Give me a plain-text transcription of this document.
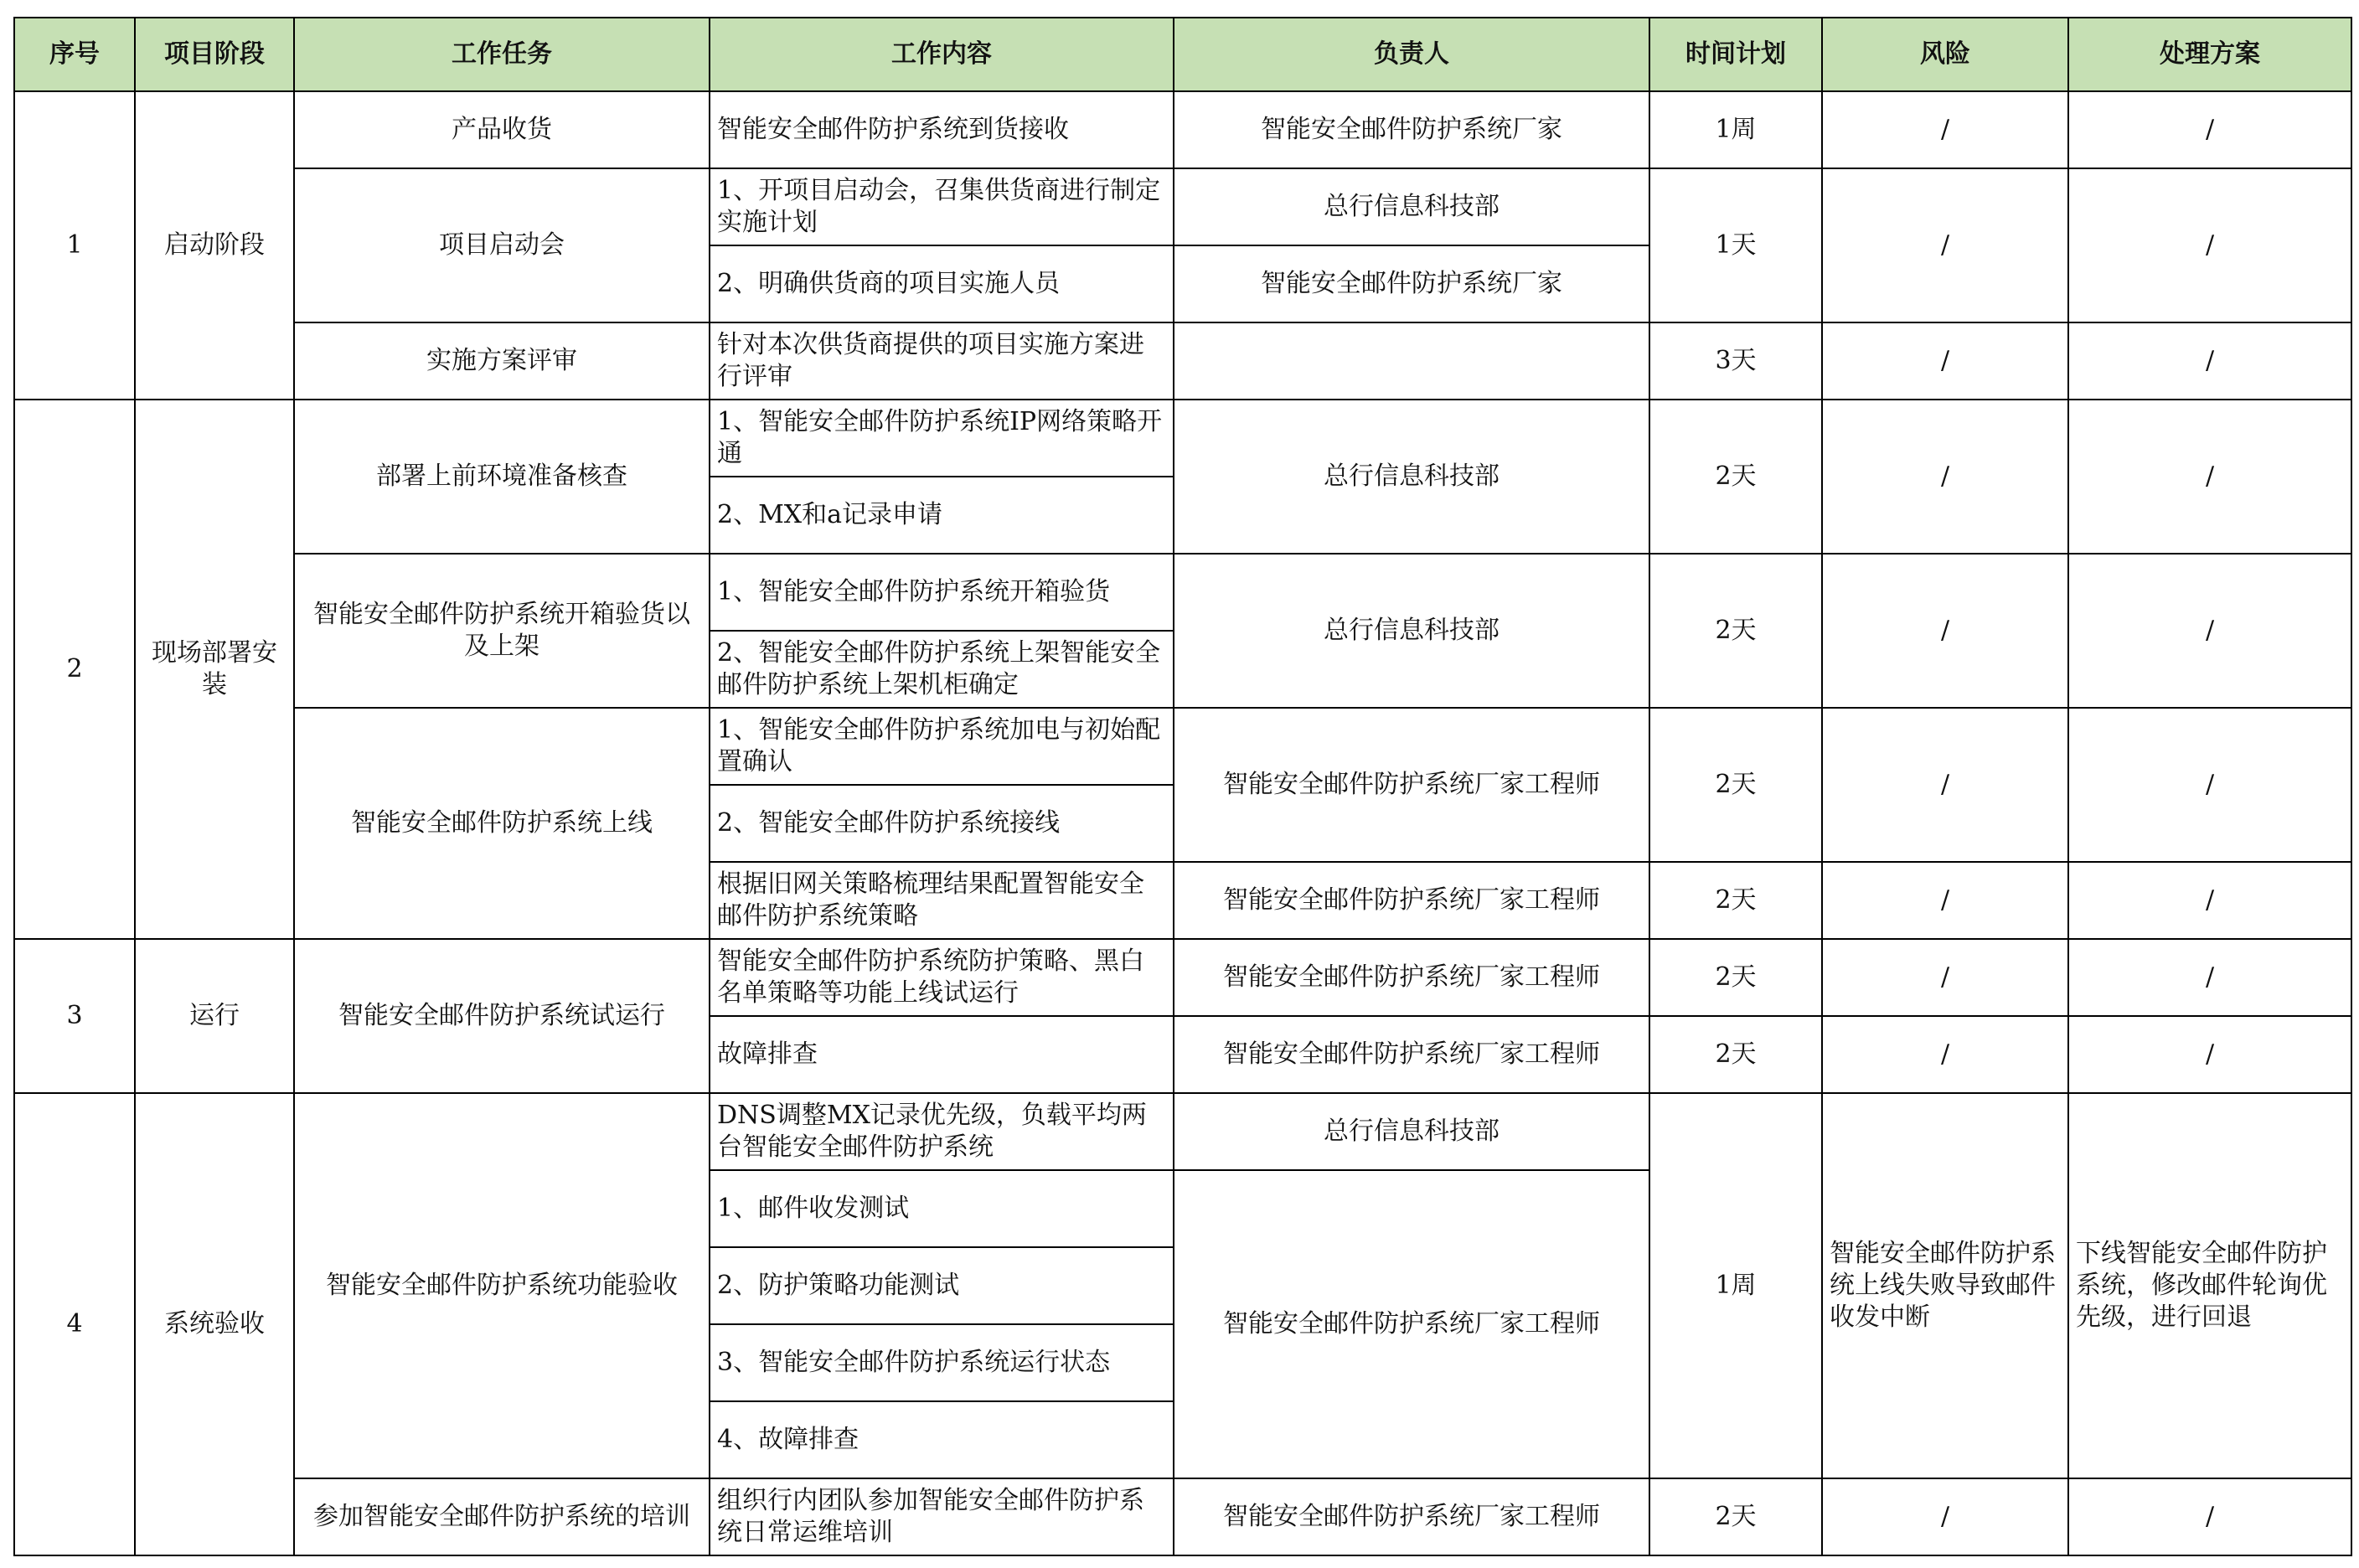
序号	项目阶段	工作任务	工作内容	负责人	时间计划	风险	处理方案
1	启动阶段	产品收货	智能安全邮件防护系统到货接收	智能安全邮件防护系统厂家	1周	/	/
		项目启动会	1、开项目启动会，召集供货商进行制定实施计划	总行信息科技部	1天	/	/
			2、明确供货商的项目实施人员	智能安全邮件防护系统厂家			
		实施方案评审	针对本次供货商提供的项目实施方案进行评审		3天	/	/
2	现场部署安装	部署上前环境准备核查	1、智能安全邮件防护系统IP网络策略开通	总行信息科技部	2天	/	/
			2、MX和a记录申请				
		智能安全邮件防护系统开箱验货以及上架	1、智能安全邮件防护系统开箱验货	总行信息科技部	2天	/	/
			2、智能安全邮件防护系统上架智能安全邮件防护系统上架机柜确定				
		智能安全邮件防护系统上线	1、智能安全邮件防护系统加电与初始配置确认	智能安全邮件防护系统厂家工程师	2天	/	/
			2、智能安全邮件防护系统接线				
			根据旧网关策略梳理结果配置智能安全邮件防护系统策略	智能安全邮件防护系统厂家工程师	2天	/	/
3	运行	智能安全邮件防护系统试运行	智能安全邮件防护系统防护策略、黑白名单策略等功能上线试运行	智能安全邮件防护系统厂家工程师	2天	/	/
			故障排查	智能安全邮件防护系统厂家工程师	2天	/	/
4	系统验收	智能安全邮件防护系统功能验收	DNS调整MX记录优先级，负载平均两台智能安全邮件防护系统	总行信息科技部	1周	智能安全邮件防护系统上线失败导致邮件收发中断	下线智能安全邮件防护系统，修改邮件轮询优先级，进行回退
			1、邮件收发测试	智能安全邮件防护系统厂家工程师			
			2、防护策略功能测试				
			3、智能安全邮件防护系统运行状态				
			4、故障排查				
		参加智能安全邮件防护系统的培训	组织行内团队参加智能安全邮件防护系统日常运维培训	智能安全邮件防护系统厂家工程师	2天	/	/
